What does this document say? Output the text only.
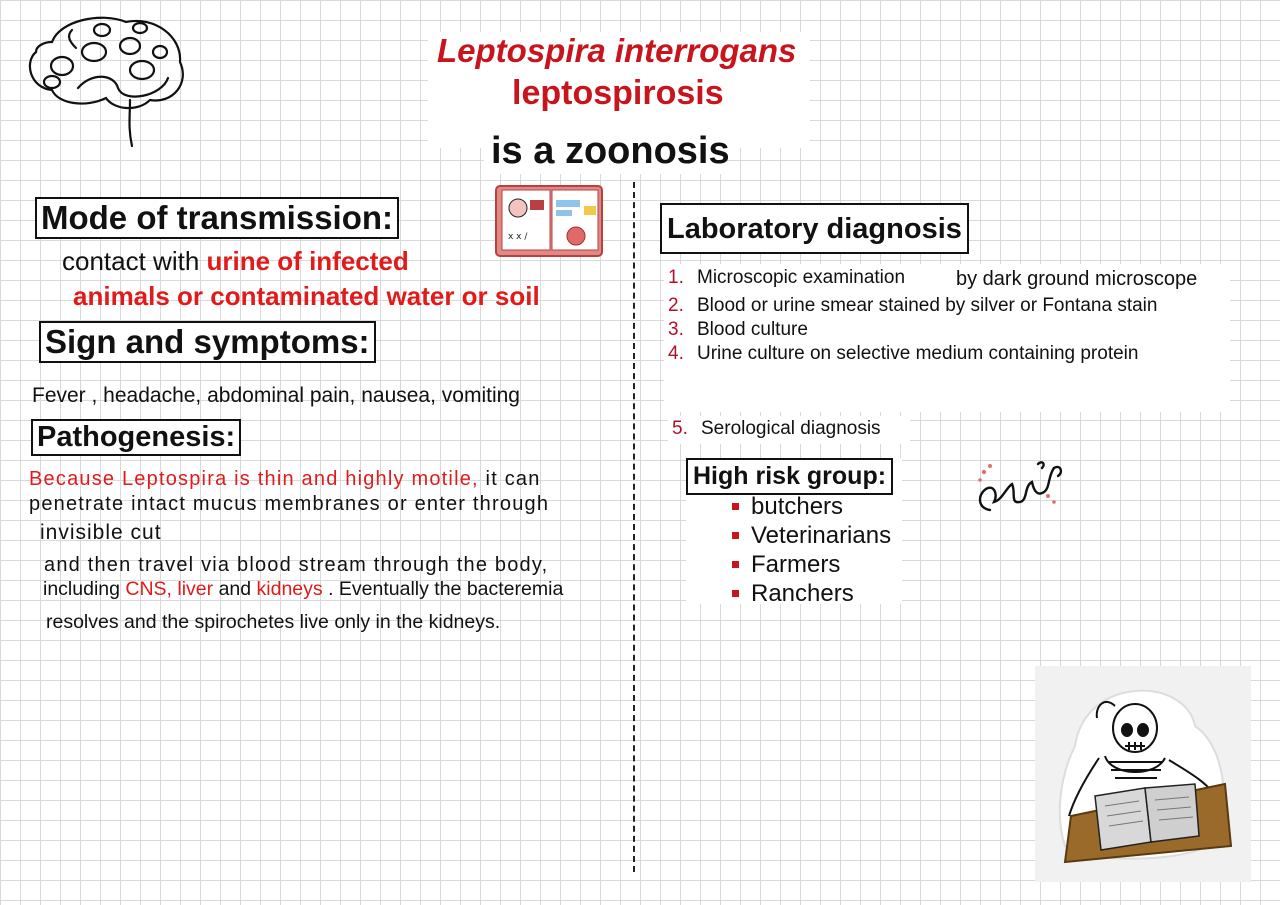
Leptospira interrogans
leptospirosis
is a zoonosis
x x /
Mode of transmission:
contact with urine of infected
animals or contaminated water or soil
Sign and symptoms:
Fever , headache, abdominal pain, nausea, vomiting
Pathogenesis:
Because Leptospira is thin and highly motile, it can
penetrate intact mucus membranes or enter through
invisible cut
and then travel via blood stream through the body,
including CNS, liver and kidneys . Eventually the bacteremia
resolves and the spirochetes live only in the kidneys.
Laboratory diagnosis
1. Microscopic examination
2. Blood or urine smear stained by silver or Fontana stain
3. Blood culture
4. Urine culture on selective medium containing protein
by dark ground microscope
5. Serological diagnosis
High risk group:
butchers
Veterinarians
Farmers
Ranchers
